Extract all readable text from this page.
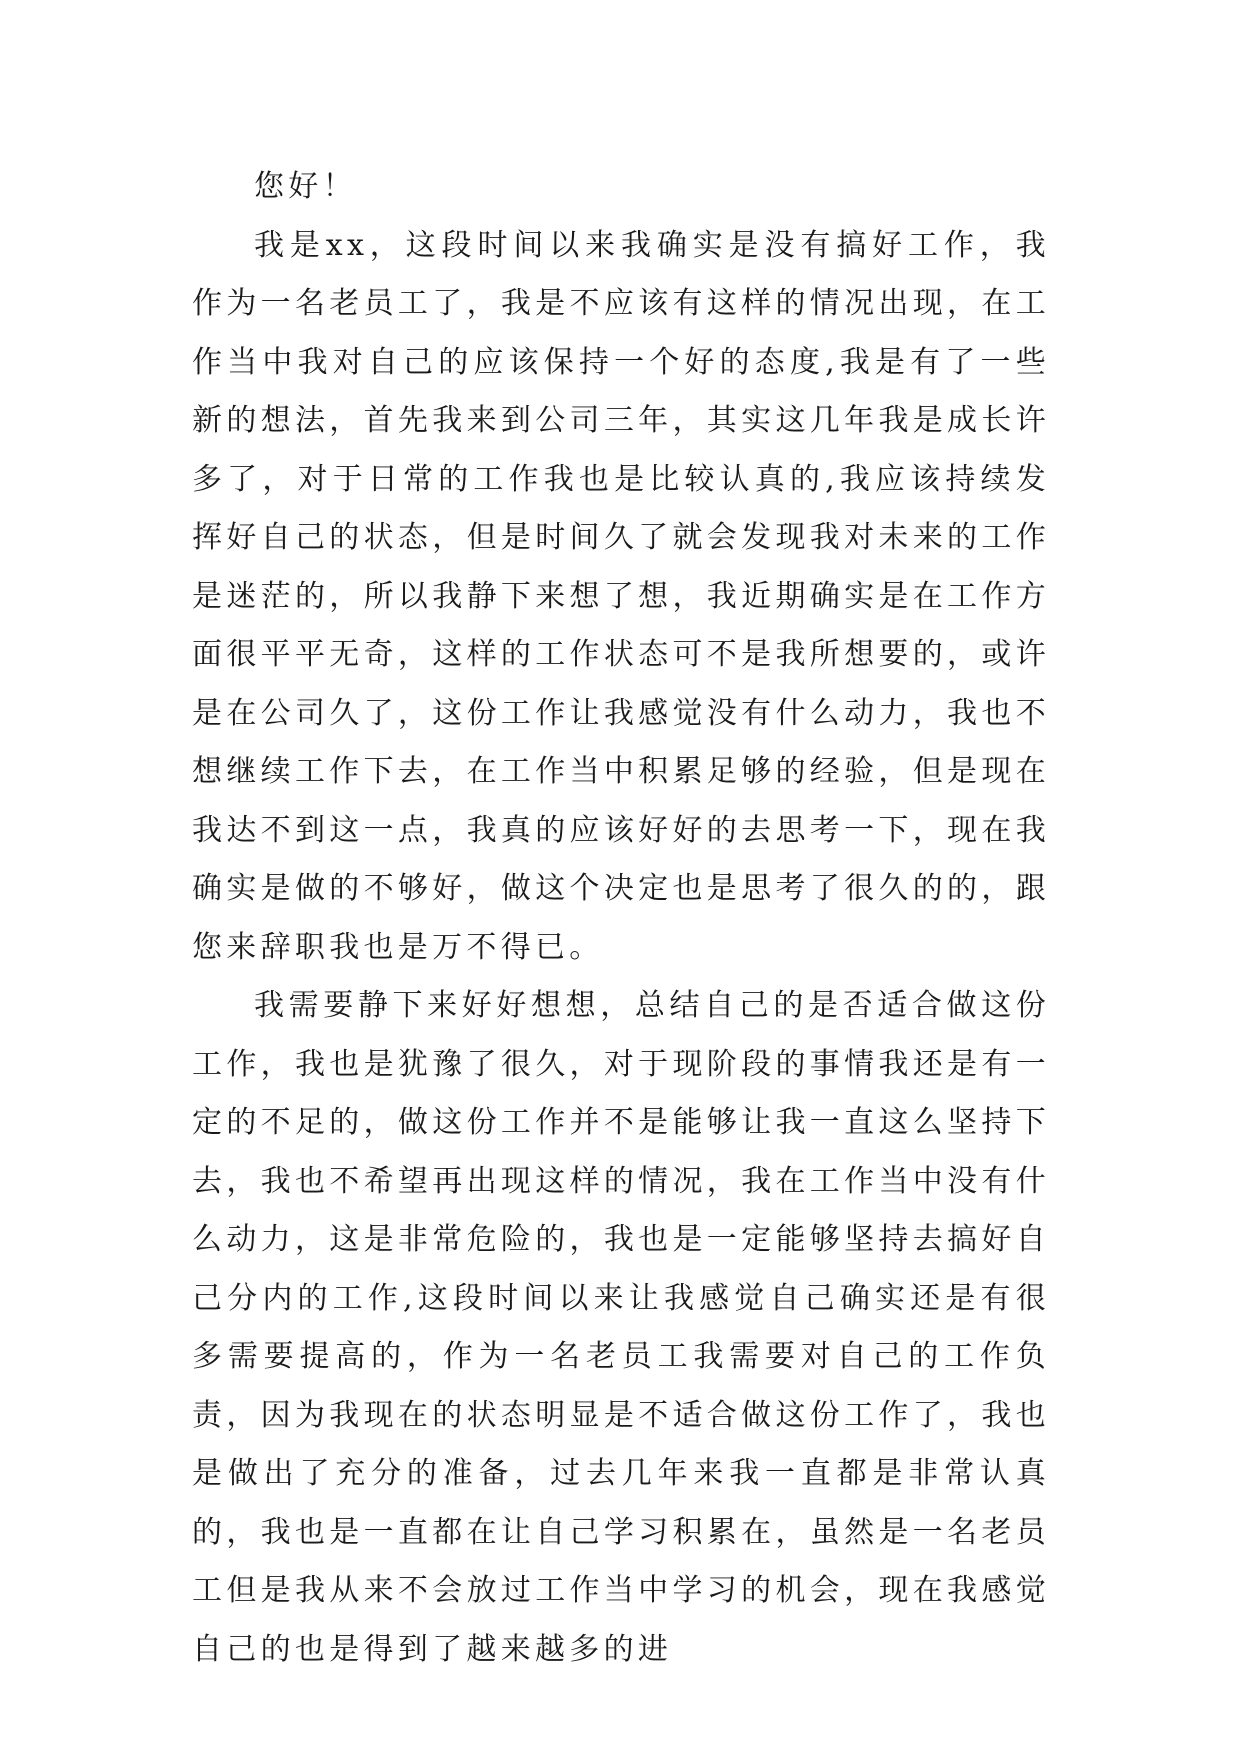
您好！

我是xx，这段时间以来我确实是没有搞好工作，我作为一名老员工了，我是不应该有这样的情况出现，在工作当中我对自己的应该保持一个好的态度,我是有了一些新的想法，首先我来到公司三年，其实这几年我是成长许多了，对于日常的工作我也是比较认真的,我应该持续发挥好自己的状态，但是时间久了就会发现我对未来的工作是迷茫的，所以我静下来想了想，我近期确实是在工作方面很平平无奇，这样的工作状态可不是我所想要的，或许是在公司久了，这份工作让我感觉没有什么动力，我也不想继续工作下去，在工作当中积累足够的经验，但是现在我达不到这一点，我真的应该好好的去思考一下，现在我确实是做的不够好，做这个决定也是思考了很久的的，跟您来辞职我也是万不得已。

我需要静下来好好想想，总结自己的是否适合做这份工作，我也是犹豫了很久，对于现阶段的事情我还是有一定的不足的，做这份工作并不是能够让我一直这么坚持下去，我也不希望再出现这样的情况，我在工作当中没有什么动力，这是非常危险的，我也是一定能够坚持去搞好自己分内的工作,这段时间以来让我感觉自己确实还是有很多需要提高的，作为一名老员工我需要对自己的工作负责，因为我现在的状态明显是不适合做这份工作了，我也是做出了充分的准备，过去几年来我一直都是非常认真的，我也是一直都在让自己学习积累在，虽然是一名老员工但是我从来不会放过工作当中学习的机会，现在我感觉自己的也是得到了越来越多的进
